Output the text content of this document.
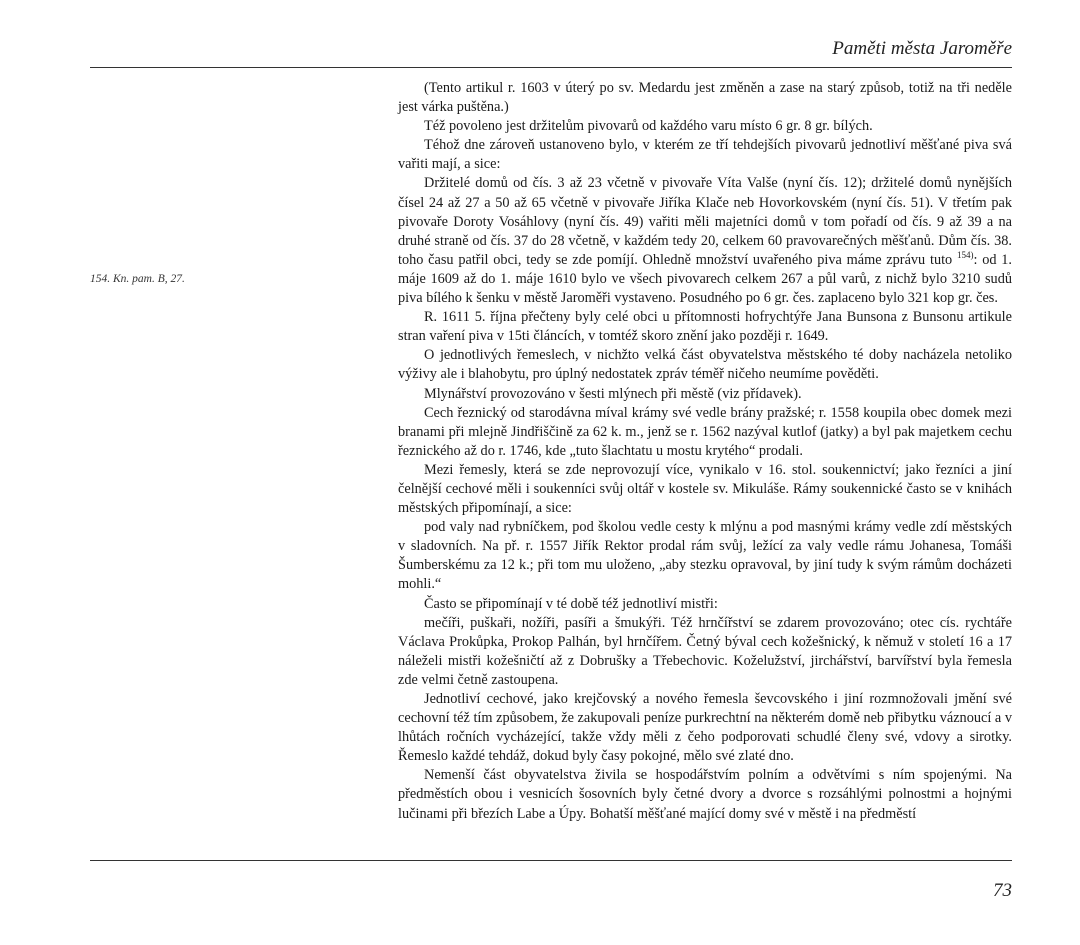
Paměti města Jaroměře
154. Kn. pam. B, 27.

(Tento artikul r. 1603 v úterý po sv. Medardu jest změněn a zase na starý způsob, totiž na tři neděle jest várka puštěna.)

Též povoleno jest držitelům pivovarů od každého varu místo 6 gr. 8 gr. bílých.

Téhož dne zároveň ustanoveno bylo, v kterém ze tří tehdejších pivovarů jednotliví měšťané piva svá vařiti mají, a sice:

Držitelé domů od čís. 3 až 23 včetně v pivovaře Víta Valše (nyní čís. 12); držitelé domů nynějších čísel 24 až 27 a 50 až 65 včetně v pivovaře Jiříka Klače neb Hovorkovském (nyní čís. 51). V třetím pak pivovaře Doroty Vosáhlovy (nyní čís. 49) vařiti měli majetníci domů v tom pořadí od čís. 9 až 39 a na druhé straně od čís. 37 do 28 včetně, v každém tedy 20, celkem 60 pravovarečných měšťanů. Dům čís. 38. toho času patřil obci, tedy se zde pomíjí. Ohledně množství uvařeného piva máme zprávu tuto $^{154)}$: od 1. máje 1609 až do 1. máje 1610 bylo ve všech pivovarech celkem 267 a půl varů, z nichž bylo 3210 sudů piva bílého k šenku v městě Jaroměři vystaveno. Posudného po 6 gr. čes. zaplaceno bylo 321 kop gr. čes.

R. 1611 5. října přečteny byly celé obci u přítomnosti hofrychtýře Jana Bunsona z Bunsonu artikule stran vaření piva v 15ti článcích, v tomtéž skoro znění jako později r. 1649.

O jednotlivých řemeslech, v nichžto velká část obyvatelstva městského té doby nacházela netoliko výživy ale i blahobytu, pro úplný nedostatek zpráv téměř ničeho neumíme pověděti.

Mlynářství provozováno v šesti mlýnech při městě (viz přídavek).

Cech řeznický od starodávna míval krámy své vedle brány pražské; r. 1558 koupila obec domek mezi branami při mlejně Jindřiščině za 62 k. m., jenž se r. 1562 nazýval kutlof (jatky) a byl pak majetkem cechu řeznického až do r. 1746, kde „tuto šlachtatu u mostu krytého“ prodali.

Mezi řemesly, která se zde neprovozují více, vynikalo v 16. stol. soukennictví; jako řezníci a jiní čelnější cechové měli i soukenníci svůj oltář v kostele sv. Mikuláše. Rámy soukennické často se v knihách městských připomínají, a sice:

pod valy nad rybníčkem, pod školou vedle cesty k mlýnu a pod masnými krámy vedle zdí městských v sladovních. Na př. r. 1557 Jiřík Rektor prodal rám svůj, ležící za valy vedle rámu Johanesa, Tomáši Šumberskému za 12 k.; při tom mu uloženo, „aby stezku opravoval, by jiní tudy k svým rámům docházeti mohli.“

Často se připomínají v té době též jednotliví mistři:

mečíři, puškaři, nožíři, pasíři a šmukýři. Též hrnčířství se zdarem provozováno; otec cís. rychtáře Václava Prokůpka, Prokop Palhán, byl hrnčířem. Četný býval cech kožešnický, k němuž v století 16 a 17 náleželi mistři kožešničtí až z Dobrušky a Třebechovic. Koželužství, jirchářství, barvířství byla řemesla zde velmi četně zastoupena.

Jednotliví cechové, jako krejčovský a nového řemesla ševcovského i jiní rozmnožovali jmění své cechovní též tím způsobem, že zakupovali peníze purkrechtní na některém domě neb přibytku váznoucí a v lhůtách ročních vycházející, takže vždy měli z čeho podporovati schudlé členy své, vdovy a sirotky. Řemeslo každé tehdáž, dokud byly časy pokojné, mělo své zlaté dno.

Nemenší část obyvatelstva živila se hospodářstvím polním a odvětvími s ním spojenými. Na předměstích obou i vesnicích šosovních byly četné dvory a dvorce s rozsáhlými polnostmi a hojnými lučinami při březích Labe a Úpy. Bohatší měšťané mající domy své v městě i na předměstí

73
